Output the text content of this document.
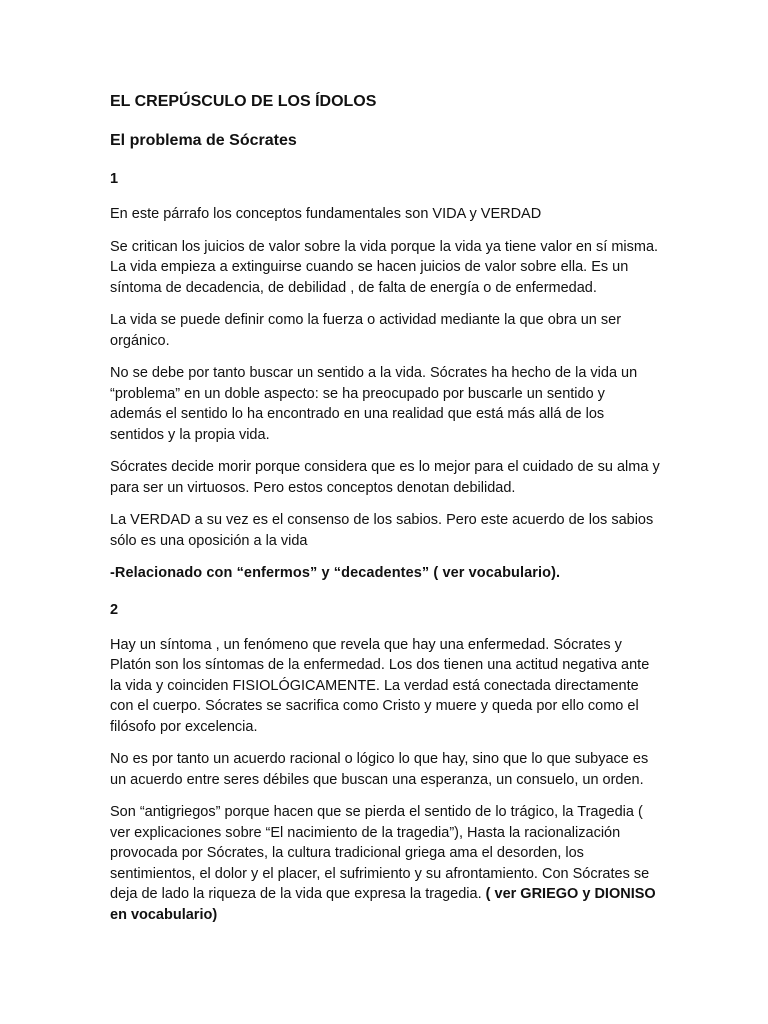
EL CREPÚSCULO DE LOS ÍDOLOS
El problema de Sócrates
1

En este párrafo los conceptos fundamentales son VIDA y VERDAD

Se critican los juicios de valor sobre la vida porque la vida ya tiene valor en sí misma. La vida empieza a extinguirse cuando se hacen juicios de valor sobre ella. Es un síntoma de decadencia, de debilidad , de falta de energía o de enfermedad.

La vida se puede definir como la fuerza o actividad mediante la que obra un ser orgánico.

No se debe por tanto buscar un sentido a la vida. Sócrates ha hecho de la vida un “problema” en un doble aspecto: se ha preocupado por buscarle un sentido y además el sentido lo ha encontrado en una realidad que está más allá de los sentidos y la propia vida.

Sócrates decide morir porque considera que es lo mejor para el cuidado de su alma y para ser un virtuosos. Pero estos conceptos denotan debilidad.

La VERDAD a su vez es el consenso de los sabios. Pero este acuerdo de los sabios sólo es una oposición a la vida

-Relacionado con “enfermos” y “decadentes” ( ver vocabulario).

2

Hay un síntoma , un fenómeno que revela que hay una enfermedad. Sócrates y Platón son los síntomas de la enfermedad. Los dos tienen una actitud negativa ante la vida y coinciden FISIOLÓGICAMENTE. La verdad está conectada directamente con el cuerpo. Sócrates se sacrifica como Cristo y muere y queda por ello como el filósofo por excelencia.

No es por tanto un acuerdo racional o lógico lo que hay, sino que lo que subyace es un acuerdo entre seres débiles que buscan una esperanza, un consuelo, un orden.

Son “antigriegos” porque hacen que se pierda el sentido de lo trágico, la Tragedia ( ver explicaciones sobre “El nacimiento de la tragedia”), Hasta la racionalización provocada por Sócrates, la cultura tradicional griega ama el desorden, los sentimientos, el dolor y el placer, el sufrimiento y su afrontamiento. Con Sócrates se deja de lado la riqueza de la vida que expresa la tragedia. ( ver GRIEGO y DIONISO en vocabulario)
